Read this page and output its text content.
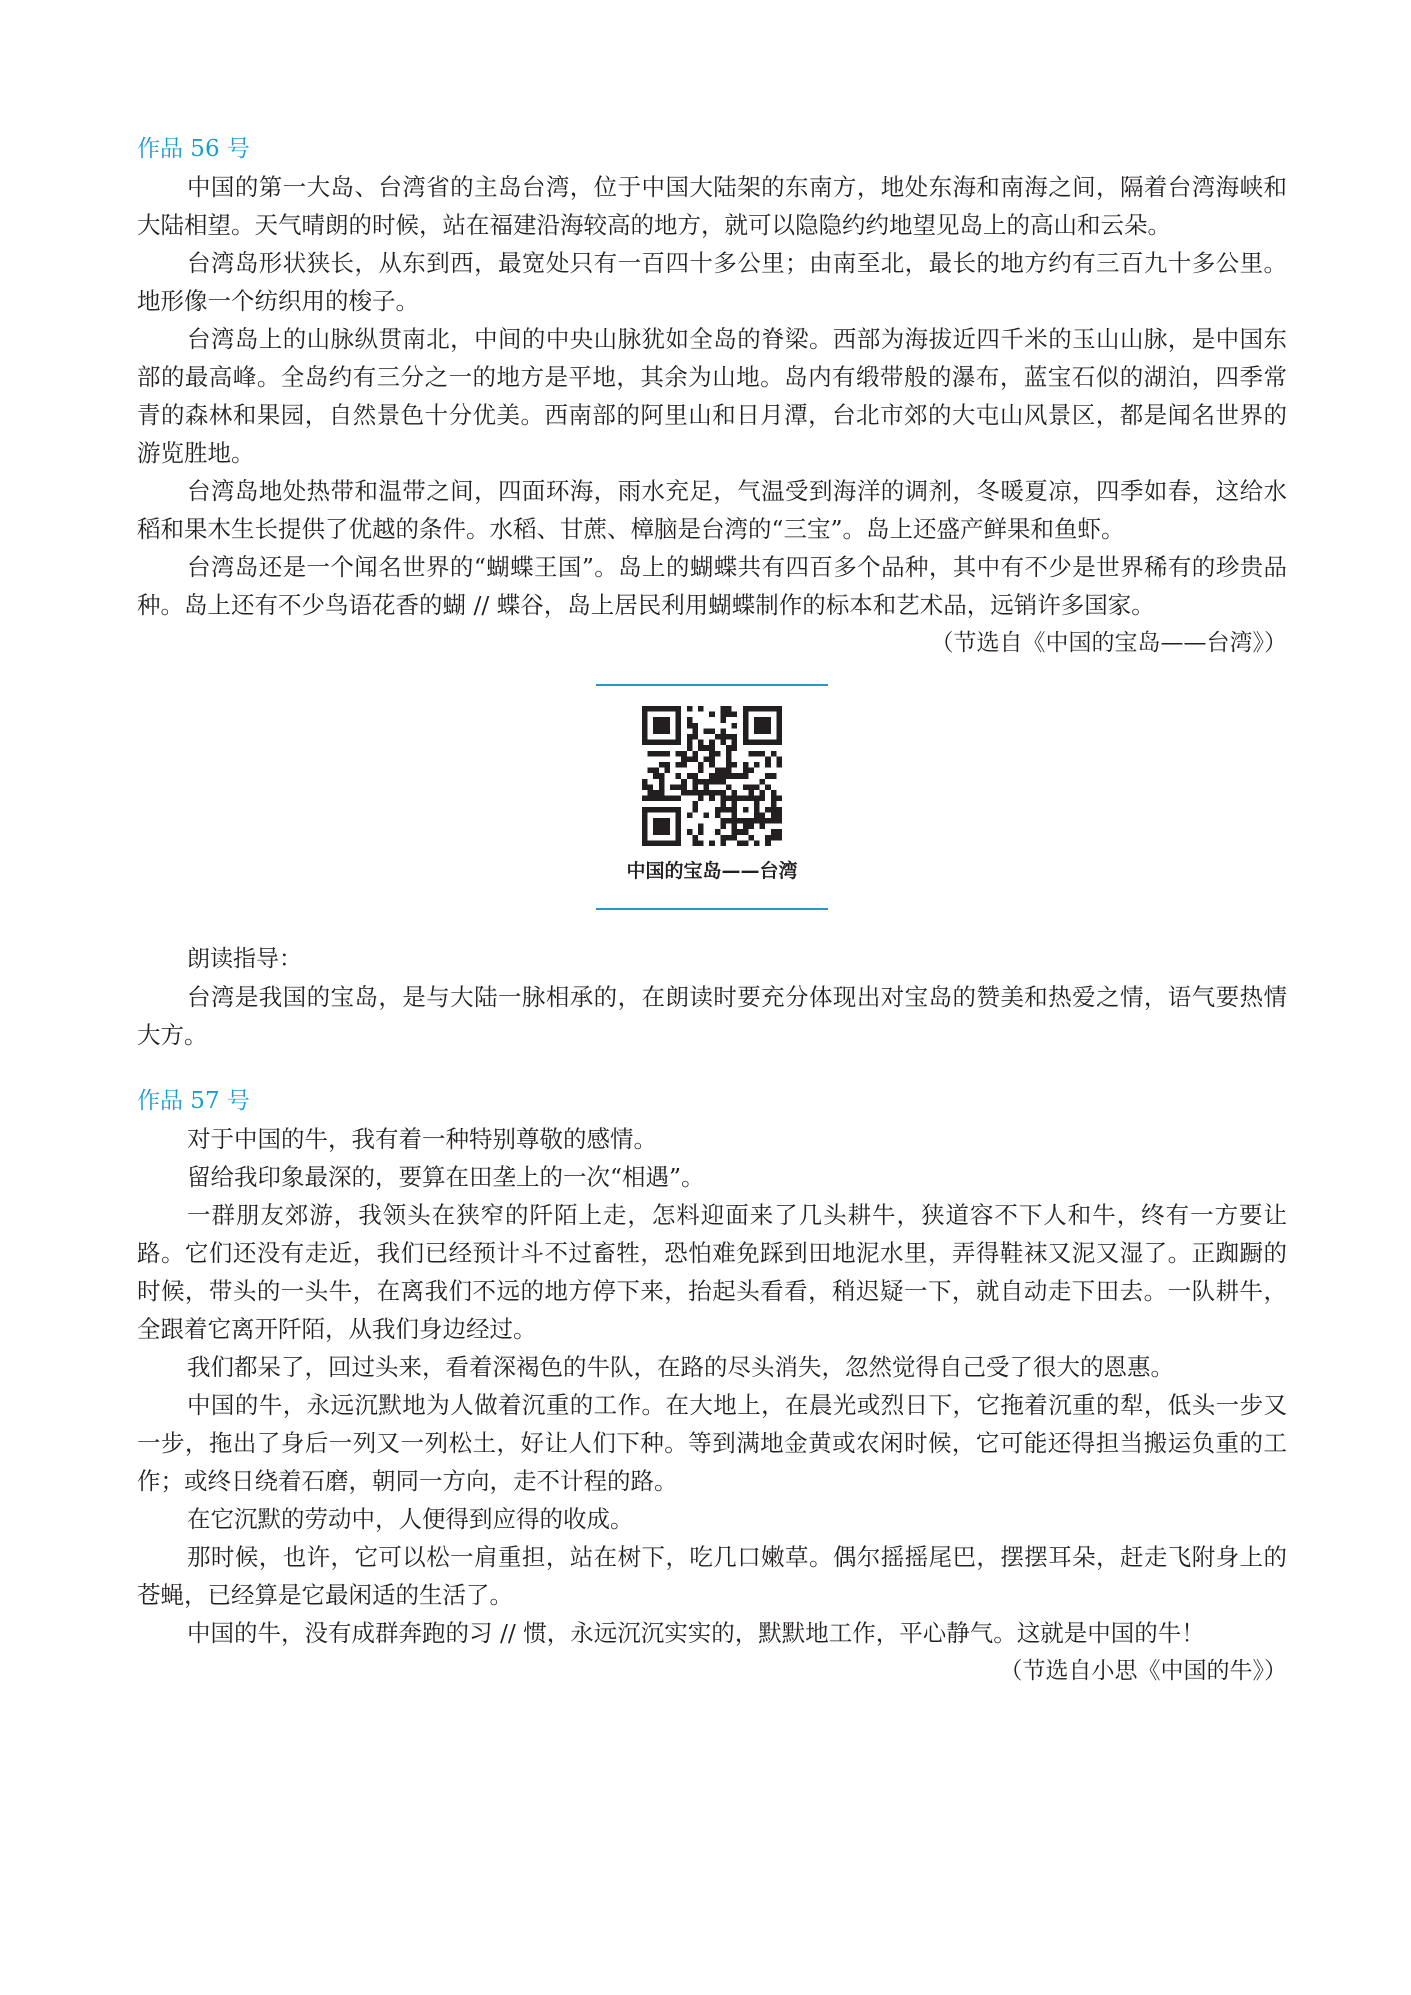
作品 56 号

中国的第一大岛、台湾省的主岛台湾，位于中国大陆架的东南方，地处东海和南海之间，隔着台湾海峡和大陆相望。天气晴朗的时候，站在福建沿海较高的地方，就可以隐隐约约地望见岛上的高山和云朵。

台湾岛形状狭长，从东到西，最宽处只有一百四十多公里；由南至北，最长的地方约有三百九十多公里。地形像一个纺织用的梭子。

台湾岛上的山脉纵贯南北，中间的中央山脉犹如全岛的脊梁。西部为海拔近四千米的玉山山脉，是中国东部的最高峰。全岛约有三分之一的地方是平地，其余为山地。岛内有缎带般的瀑布，蓝宝石似的湖泊，四季常青的森林和果园，自然景色十分优美。西南部的阿里山和日月潭，台北市郊的大屯山风景区，都是闻名世界的游览胜地。

台湾岛地处热带和温带之间，四面环海，雨水充足，气温受到海洋的调剂，冬暖夏凉，四季如春，这给水稻和果木生长提供了优越的条件。水稻、甘蔗、樟脑是台湾的“三宝”。岛上还盛产鲜果和鱼虾。

台湾岛还是一个闻名世界的“蝴蝶王国”。岛上的蝴蝶共有四百多个品种，其中有不少是世界稀有的珍贵品种。岛上还有不少鸟语花香的蝴 // 蝶谷，岛上居民利用蝴蝶制作的标本和艺术品，远销许多国家。

（节选自《中国的宝岛——台湾》）

中国的宝岛——台湾

朗读指导：

台湾是我国的宝岛，是与大陆一脉相承的，在朗读时要充分体现出对宝岛的赞美和热爱之情，语气要热情大方。

作品 57 号

对于中国的牛，我有着一种特别尊敬的感情。

留给我印象最深的，要算在田垄上的一次“相遇”。

一群朋友郊游，我领头在狭窄的阡陌上走，怎料迎面来了几头耕牛，狭道容不下人和牛，终有一方要让路。它们还没有走近，我们已经预计斗不过畜牲，恐怕难免踩到田地泥水里，弄得鞋袜又泥又湿了。正踟蹰的时候，带头的一头牛，在离我们不远的地方停下来，抬起头看看，稍迟疑一下，就自动走下田去。一队耕牛，全跟着它离开阡陌，从我们身边经过。

我们都呆了，回过头来，看着深褐色的牛队，在路的尽头消失，忽然觉得自己受了很大的恩惠。

中国的牛，永远沉默地为人做着沉重的工作。在大地上，在晨光或烈日下，它拖着沉重的犁，低头一步又一步，拖出了身后一列又一列松土，好让人们下种。等到满地金黄或农闲时候，它可能还得担当搬运负重的工作；或终日绕着石磨，朝同一方向，走不计程的路。

在它沉默的劳动中，人便得到应得的收成。

那时候，也许，它可以松一肩重担，站在树下，吃几口嫩草。偶尔摇摇尾巴，摆摆耳朵，赶走飞附身上的苍蝇，已经算是它最闲适的生活了。

中国的牛，没有成群奔跑的习 // 惯，永远沉沉实实的，默默地工作，平心静气。这就是中国的牛！

（节选自小思《中国的牛》）
